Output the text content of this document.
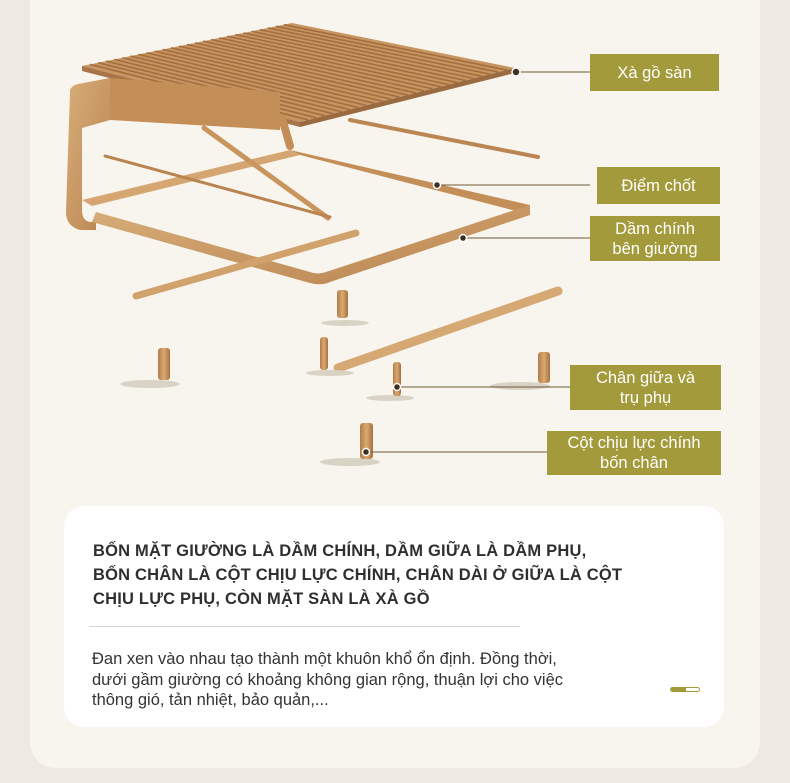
Xà gồ sàn
Điểm chốt
Dầm chính
bên giường
Chân giữa và
trụ phụ
Cột chịu lực chính
bốn chân
BỐN MẶT GIƯỜNG LÀ DẦM CHÍNH, DẦM GIỮA LÀ DẦM PHỤ,
BỐN CHÂN LÀ CỘT CHỊU LỰC CHÍNH, CHÂN DÀI Ở GIỮA LÀ CỘT
CHỊU LỰC PHỤ, CÒN MẶT SÀN LÀ XÀ GỒ
Đan xen vào nhau tạo thành một khuôn khổ ổn định. Đồng thời,
dưới gầm giường có khoảng không gian rộng, thuận lợi cho việc
thông gió, tản nhiệt, bảo quản,...
